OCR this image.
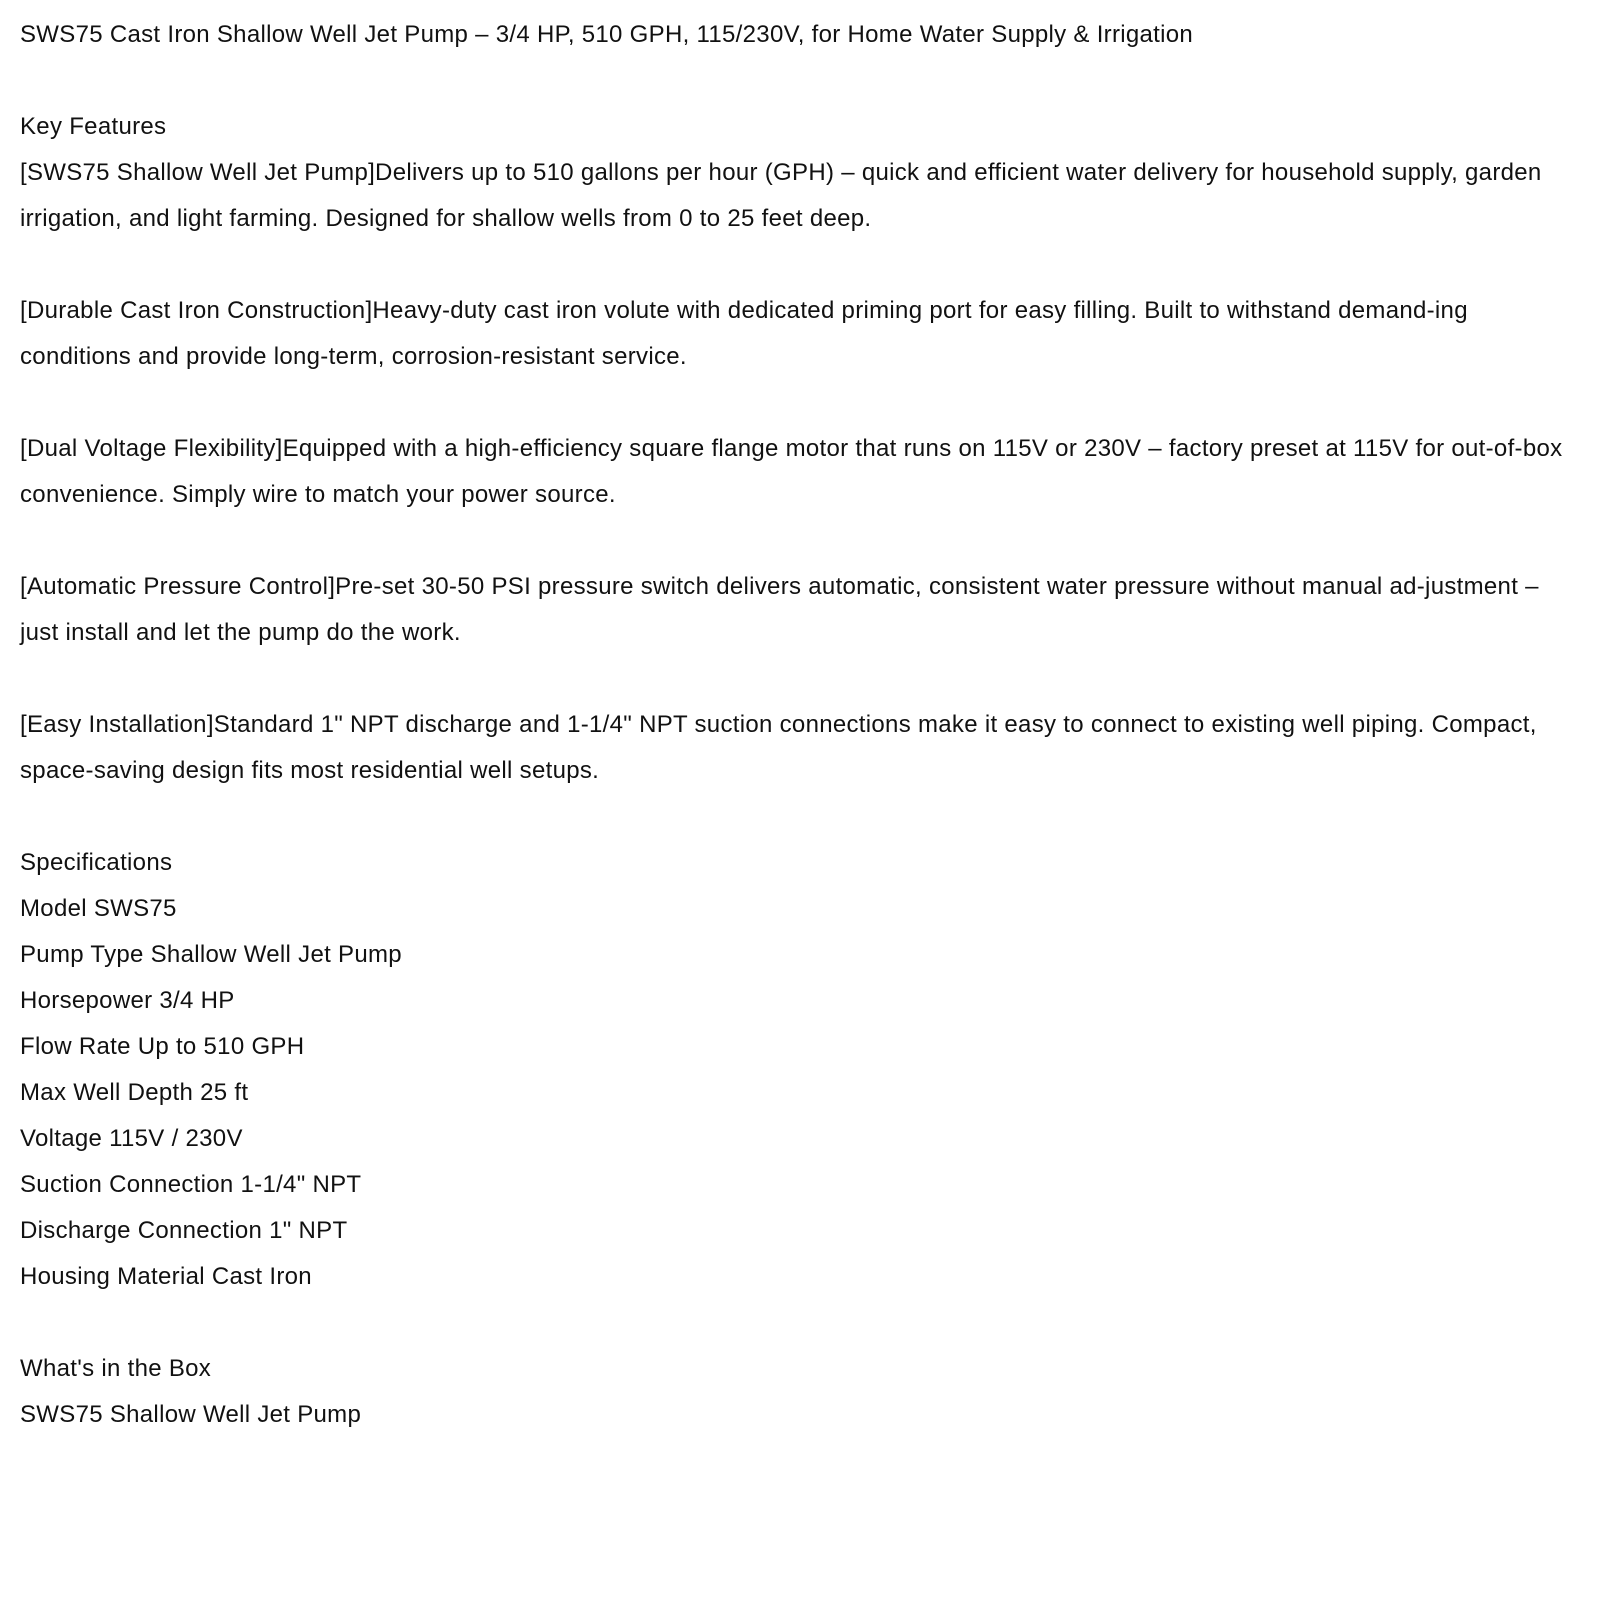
SWS75 Cast Iron Shallow Well Jet Pump – 3/4 HP, 510 GPH, 115/230V, for Home Water Supply & Irrigation
Key Features
[SWS75 Shallow Well Jet Pump]Delivers up to 510 gallons per hour (GPH) – quick and efficient water delivery for household supply, garden irrigation, and light farming. Designed for shallow wells from 0 to 25 feet deep.
[Durable Cast Iron Construction]Heavy-duty cast iron volute with dedicated priming port for easy filling. Built to withstand demand-ing conditions and provide long-term, corrosion-resistant service.
[Dual Voltage Flexibility]Equipped with a high-efficiency square flange motor that runs on 115V or 230V – factory preset at 115V for out-of-box convenience. Simply wire to match your power source.
[Automatic Pressure Control]Pre-set 30-50 PSI pressure switch delivers automatic, consistent water pressure without manual ad-justment – just install and let the pump do the work.
[Easy Installation]Standard 1" NPT discharge and 1-1/4" NPT suction connections make it easy to connect to existing well piping. Compact, space-saving design fits most residential well setups.
Specifications
Model SWS75
Pump Type Shallow Well Jet Pump
Horsepower 3/4 HP
Flow Rate Up to 510 GPH
Max Well Depth 25 ft
Voltage 115V / 230V
Suction Connection 1-1/4" NPT
Discharge Connection 1" NPT
Housing Material Cast Iron
What's in the Box
SWS75 Shallow Well Jet Pump
